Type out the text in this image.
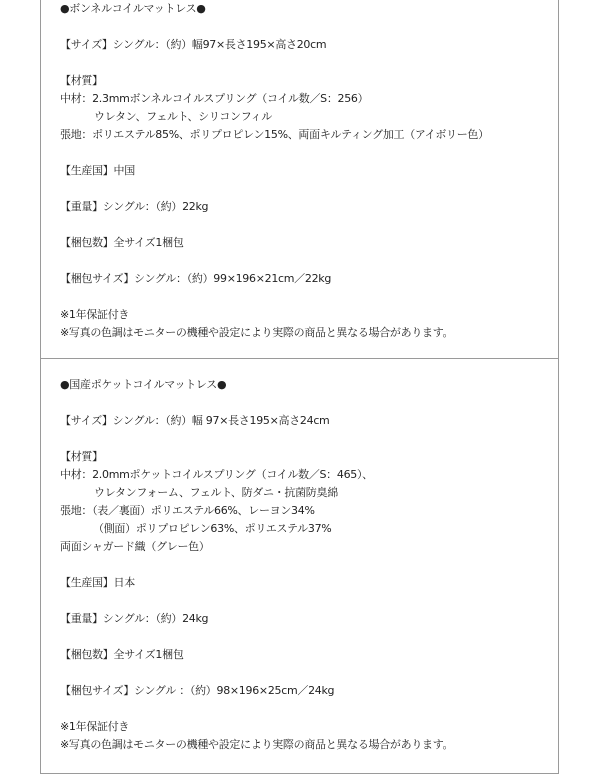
●ボンネルコイルマットレス●
【サイズ】シングル：（約）幅97×長さ195×高さ20cm
【材質】
中材：2.3mmボンネルコイルスプリング（コイル数／S：256）
ウレタン、フェルト、シリコンフィル
張地：ポリエステル85%、ポリプロピレン15%、両面キルティング加工（アイボリー色）
【生産国】中国
【重量】シングル：（約）22kg
【梱包数】全サイズ1梱包
【梱包サイズ】シングル：（約）99×196×21cm／22kg
※1年保証付き
※写真の色調はモニターの機種や設定により実際の商品と異なる場合があります。
●国産ポケットコイルマットレス●
【サイズ】シングル：（約）幅 97×長さ195×高さ24cm
【材質】
中材：2.0mmポケットコイルスプリング（コイル数／S：465）、
ウレタンフォーム、フェルト、防ダニ・抗菌防臭綿
張地：（表／裏面）ポリエステル66%、レーヨン34%
（側面）ポリプロピレン63%、ポリエステル37%
両面シャガード織（グレー色）
【生産国】日本
【重量】シングル：（約）24kg
【梱包数】全サイズ1梱包
【梱包サイズ】シングル ：（約）98×196×25cm／24kg
※1年保証付き
※写真の色調はモニターの機種や設定により実際の商品と異なる場合があります。
